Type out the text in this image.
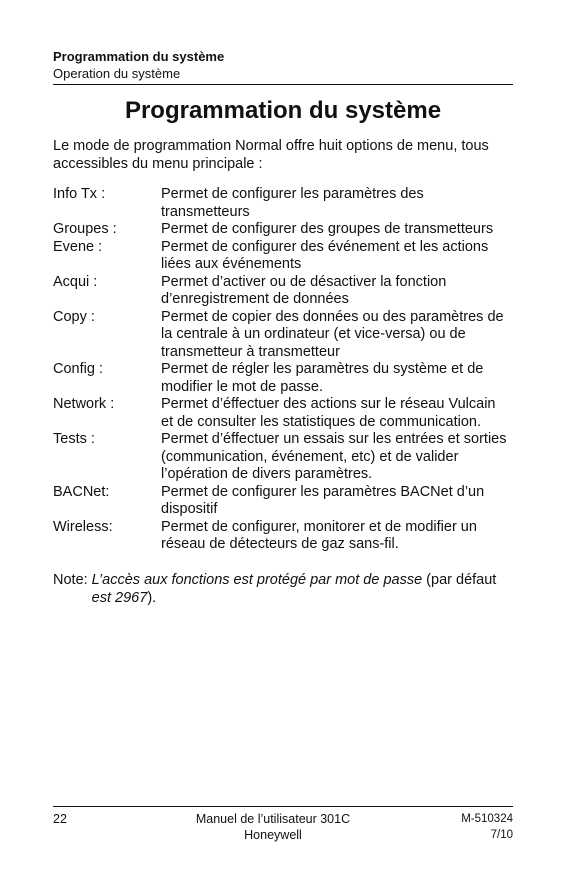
Programmation du système
Operation du système
Programmation du système
Le mode de programmation Normal offre huit options de menu, tous
accessibles du menu principale :
Info Tx :	Permet de configurer les paramètres des
transmetteurs
Groupes :	Permet de configurer des groupes de transmetteurs
Evene :	Permet de configurer des événement et les actions
liées aux événements
Acqui :	Permet d’activer ou de désactiver la fonction
d’enregistrement de données
Copy :	Permet de copier des données ou des paramètres de
la centrale à un ordinateur (et vice-versa) ou de
transmetteur à transmetteur
Config :	Permet de régler les paramètres du système et de
modifier le mot de passe.
Network :	Permet d’éffectuer des actions sur le réseau Vulcain
et de consulter les statistiques de communication.
Tests :	Permet d’éffectuer un essais sur les entrées et sorties
(communication, événement, etc) et de valider
l’opération de divers paramètres.
BACNet:	Permet de configurer les paramètres BACNet d’un
dispositif
Wireless:	Permet de configurer, monitorer et de modifier un
réseau de détecteurs de gaz sans-fil.
Note: L’accès aux fonctions est protégé par mot de passe (par défaut
est 2967).
22	Manuel de l’utilisateur 301C
Honeywell
M-510324
7/10
